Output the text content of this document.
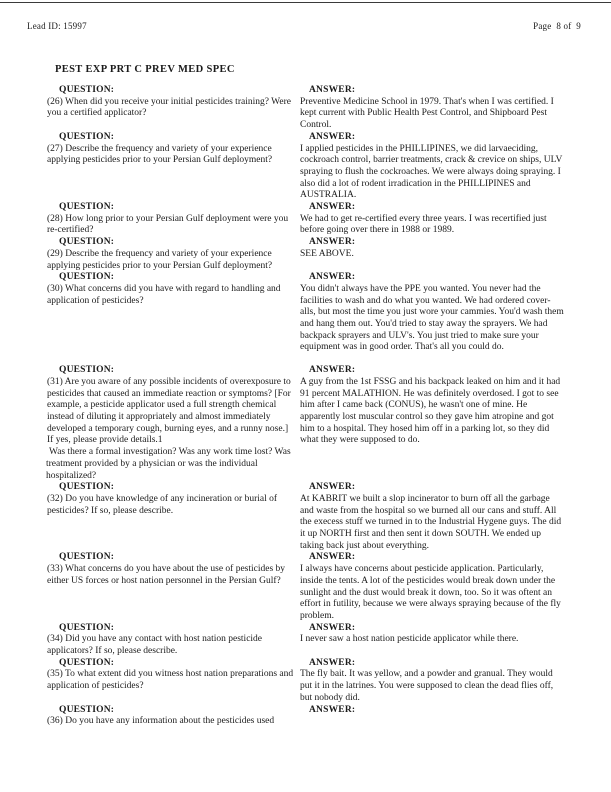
Lead ID: 15997	Page  8 of  9
PEST EXP PRT C PREV MED SPEC
QUESTION:
(26) When did you receive your initial pesticides training? Were you a certified applicator?
ANSWER:
Preventive Medicine School in 1979. That's when I was certified. I kept current with Public Health Pest Control, and Shipboard Pest Control.
QUESTION:
(27) Describe the frequency and variety of your experience applying pesticides prior to your Persian Gulf deployment?
ANSWER:
I applied pesticides in the PHILLIPINES, we did larvaeciding, cockroach control, barrier treatments, crack & crevice on ships, ULV spraying to flush the cockroaches. We were always doing spraying. I also did a lot of rodent irradication in the PHILLIPINES and AUSTRALIA.
QUESTION:
(28) How long prior to your Persian Gulf deployment were you re-certified?
ANSWER:
We had to get re-certified every three years. I was recertified just before going over there in 1988 or 1989.
QUESTION:
(29) Describe the frequency and variety of your experience applying pesticides prior to your Persian Gulf deployment?
ANSWER:
SEE ABOVE.
QUESTION:
(30) What concerns did you have with regard to handling and application of pesticides?
ANSWER:
You didn't always have the PPE you wanted. You never had the facilities to wash and do what you wanted. We had ordered cover-alls, but most the time you just wore your cammies. You'd wash them and hang them out. You'd tried to stay away the sprayers. We had backpack sprayers and ULV's. You just tried to make sure your equipment was in good order. That's all you could do.
QUESTION:
(31) Are you aware of any possible incidents of overexposure to pesticides that caused an immediate reaction or symptoms? [For example, a pesticide applicator used a full strength chemical instead of diluting it appropriately and almost immediately developed a temporary cough, burning eyes, and a runny nose.] If yes, please provide details.1
Was there a formal investigation? Was any work time lost? Was treatment provided by a physician or was the individual hospitalized?
ANSWER:
A guy from the 1st FSSG and his backpack leaked on him and it had 91 percent MALATHION. He was definitely overdosed. I got to see him after I came back (CONUS), he wasn't one of mine. He apparently lost muscular control so they gave him atropine and got him to a hospital. They hosed him off in a parking lot, so they did what they were supposed to do.
QUESTION:
(32) Do you have knowledge of any incineration or burial of pesticides? If so, please describe.
ANSWER:
At KABRIT we built a slop incinerator to burn off all the garbage and waste from the hospital so we burned all our cans and stuff. All the execess stuff we turned in to the Industrial Hygene guys. The did it up NORTH first and then sent it down SOUTH. We ended up taking back just about everything.
QUESTION:
(33) What concerns do you have about the use of pesticides by either US forces or host nation personnel in the Persian Gulf?
ANSWER:
I always have concerns about pesticide application. Particularly, inside the tents. A lot of the pesticides would break down under the sunlight and the dust would break it down, too. So it was oftent an effort in futility, because we were always spraying because of the fly problem.
QUESTION:
(34) Did you have any contact with host nation pesticide applicators? If so, please describe.
ANSWER:
I never saw a host nation pesticide applicator while there.
QUESTION:
(35) To what extent did you witness host nation preparations and application of pesticides?
ANSWER:
The fly bait. It was yellow, and a powder and granual. They would put it in the latrines. You were supposed to clean the dead flies off, but nobody did.
QUESTION:
(36) Do you have any information about the pesticides used
ANSWER:
